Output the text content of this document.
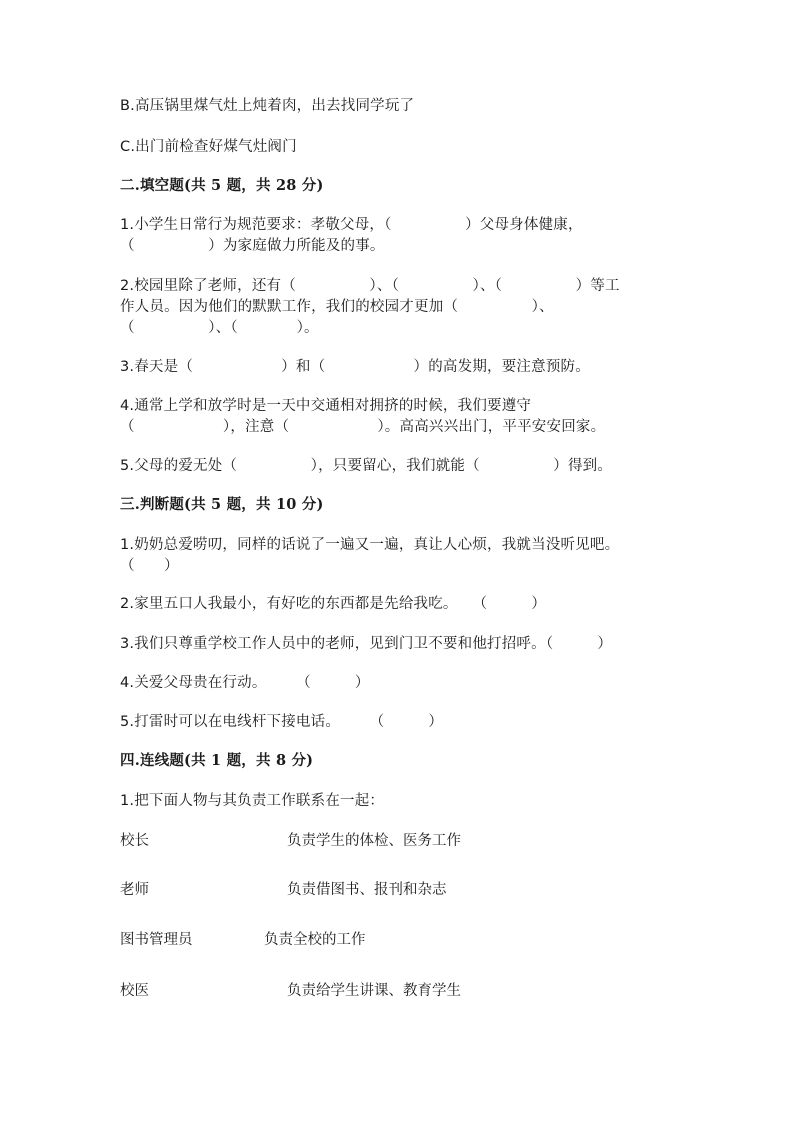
B.高压锅里煤气灶上炖着肉，出去找同学玩了
C.出门前检查好煤气灶阀门
二.填空题(共 5 题，共 28 分)
1.小学生日常行为规范要求：孝敬父母，（　　　　　）父母身体健康，
（　　　　　）为家庭做力所能及的事。
2.校园里除了老师，还有（　　　　　）、（　　　　　）、（　　　　　）等工
作人员。因为他们的默默工作，我们的校园才更加（　　　　　）、
（　　　　　）、（　　　　）。
3.春天是（　　　　　　）和（　　　　　　）的高发期，要注意预防。
4.通常上学和放学时是一天中交通相对拥挤的时候，我们要遵守
（　　　　　　），注意（　　　　　　）。高高兴兴出门，平平安安回家。
5.父母的爱无处（　　　　　），只要留心，我们就能（　　　　　）得到。
三.判断题(共 5 题，共 10 分)
1.奶奶总爱唠叨，同样的话说了一遍又一遍，真让人心烦，我就当没听见吧。
（　　）
2.家里五口人我最小，有好吃的东西都是先给我吃。　　（　　　）
3.我们只尊重学校工作人员中的老师，见到门卫不要和他打招呼。（　　　）
4.关爱父母贵在行动。　　　（　　　）
5.打雷时可以在电线杆下接电话。　　　（　　　）
四.连线题(共 1 题，共 8 分)
1.把下面人物与其负责工作联系在一起：
校长	负责学生的体检、医务工作
老师	负责借图书、报刊和杂志
图书管理员	负责全校的工作
校医	负责给学生讲课、教育学生
